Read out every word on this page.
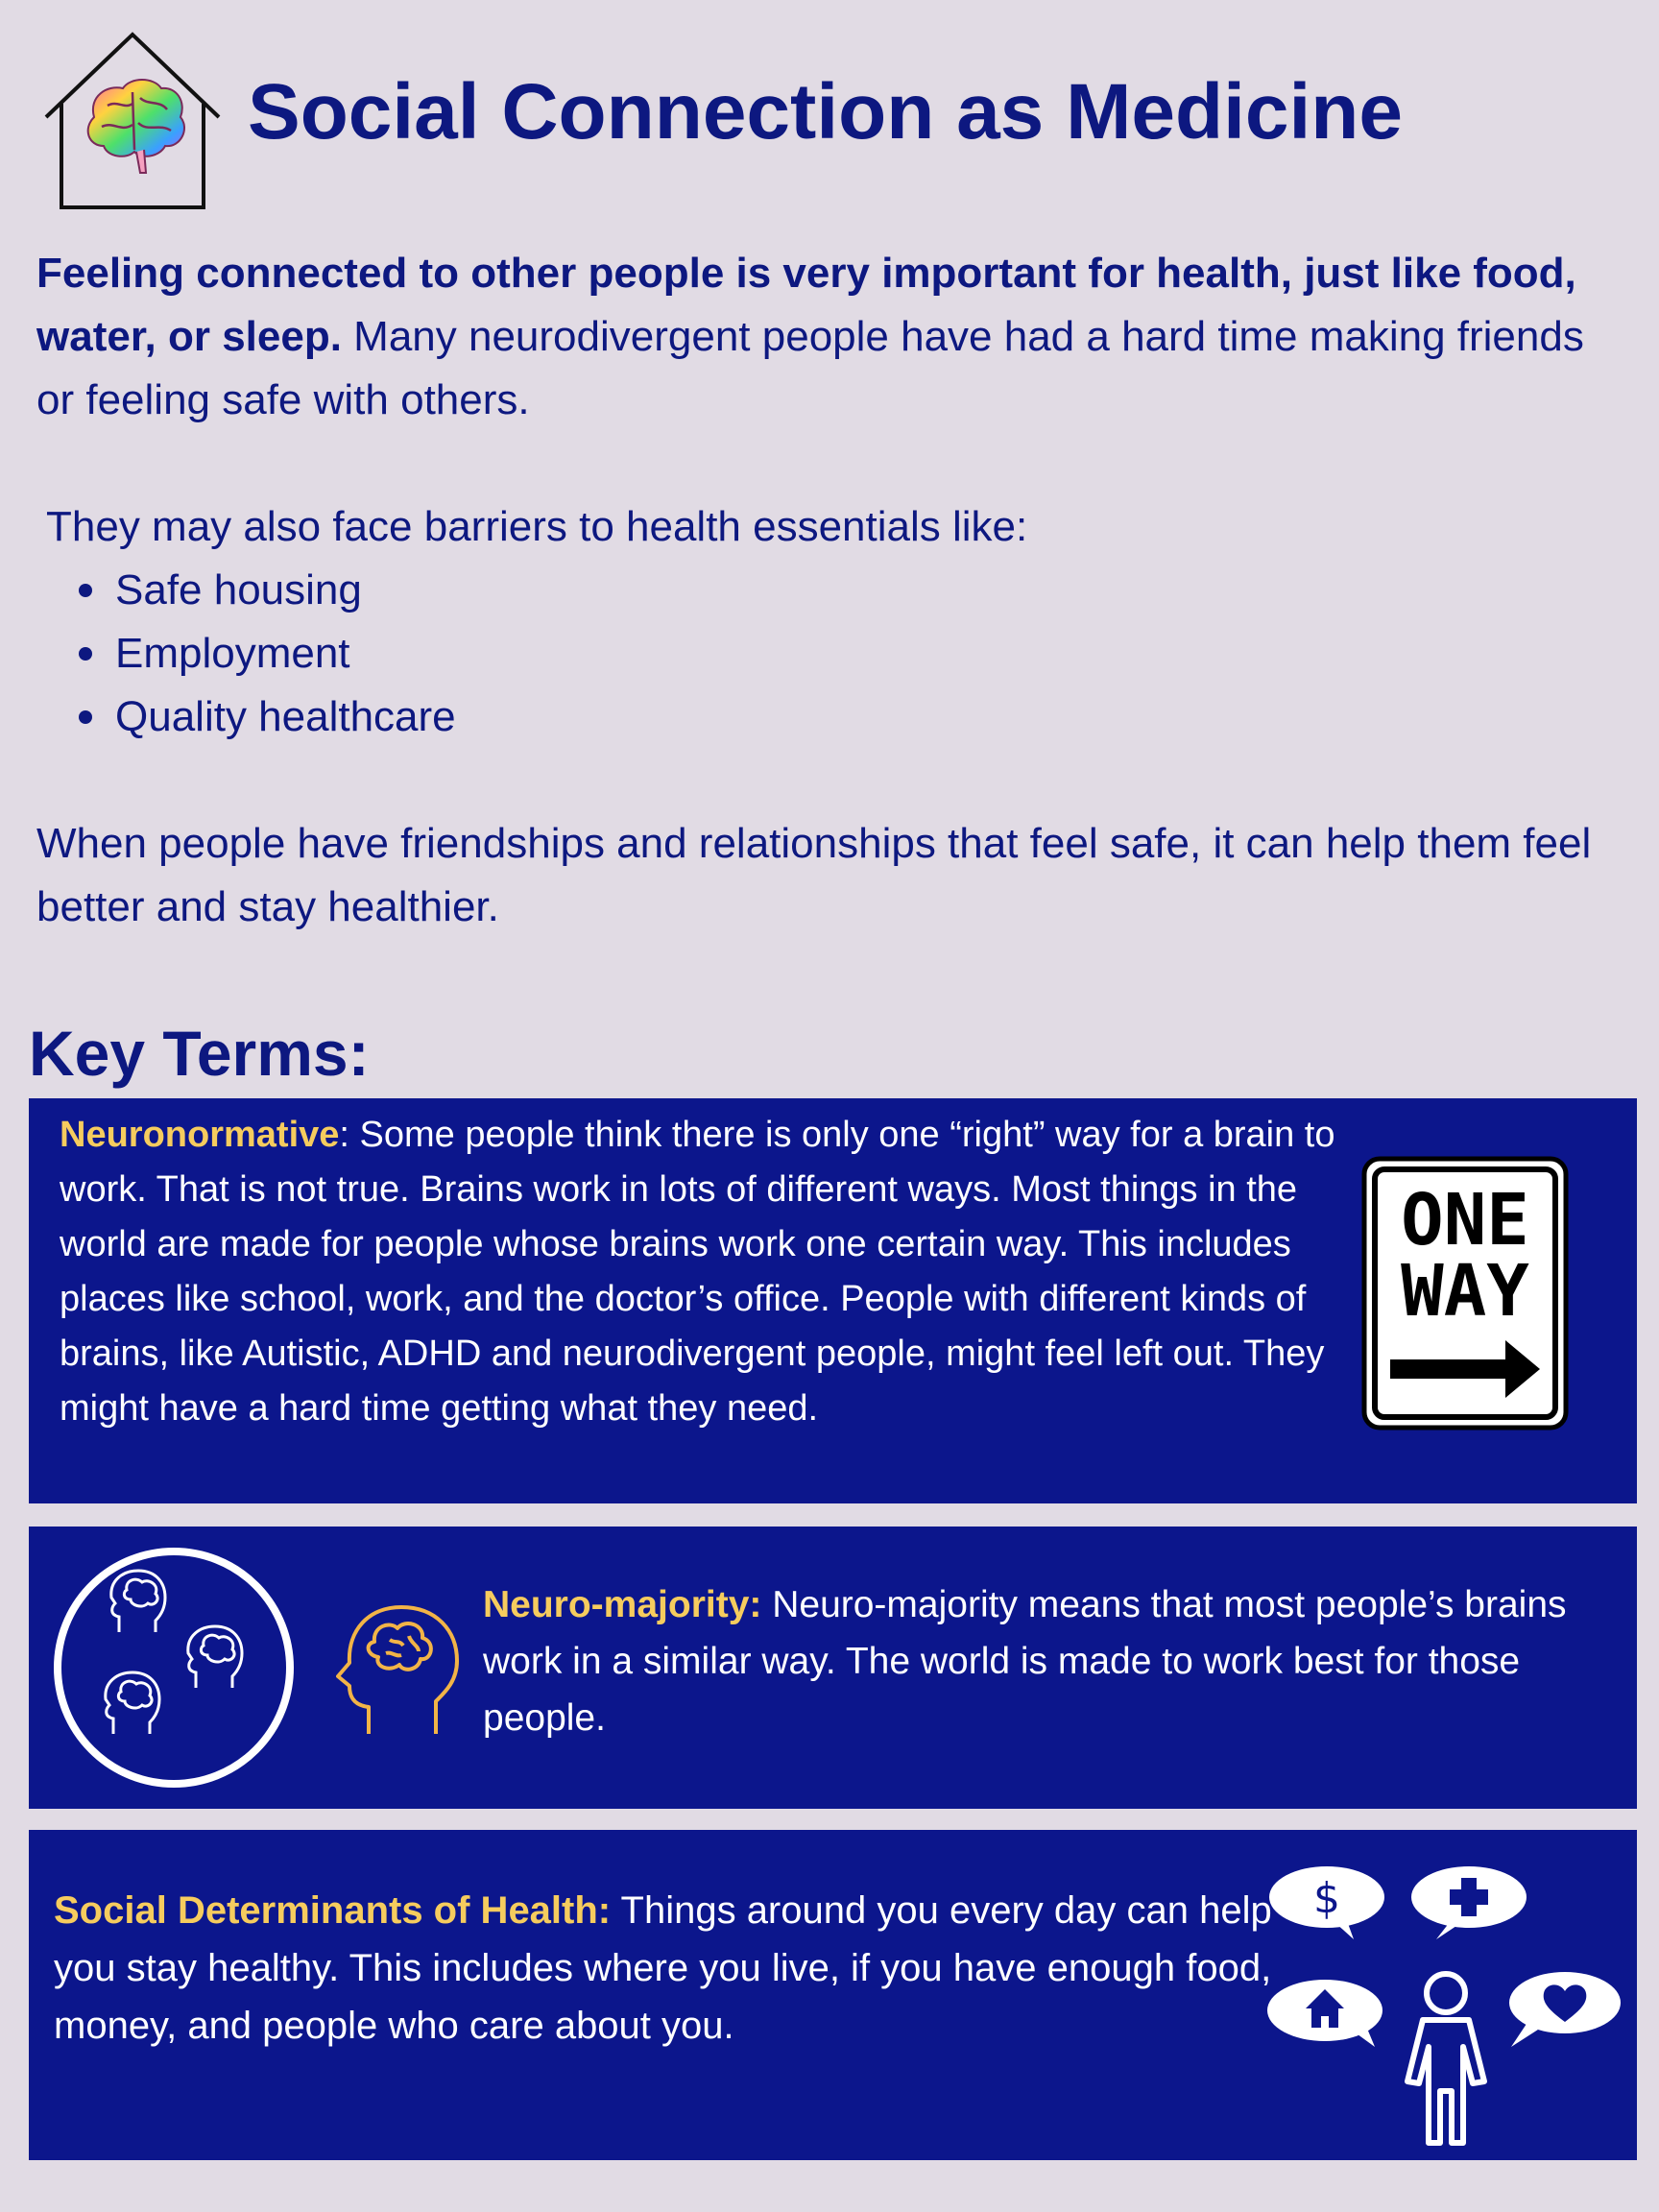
Social Connection as Medicine

Feeling connected to other people is very important for health, just like food, water, or sleep. Many neurodivergent people have had a hard time making friends or feeling safe with others.

They may also face barriers to health essentials like:

Safe housing
Employment
Quality healthcare

When people have friendships and relationships that feel safe, it can help them feel better and stay healthier.

Key Terms:

Neuronormative: Some people think there is only one “right” way for a brain to work. That is not true. Brains work in lots of different ways. Most things in the world are made for people whose brains work one certain way. This includes places like school, work, and the doctor’s office. People with different kinds of brains, like Autistic, ADHD and neurodivergent people, might feel left out. They might have a hard time getting what they need.

ONE
WAY

Neuro-majority: Neuro-majority means that most people’s brains work in a similar way. The world is made to work best for those people.

Social Determinants of Health: Things around you every day can help you stay healthy. This includes where you live, if you have enough food, money, and people who care about you.

$
